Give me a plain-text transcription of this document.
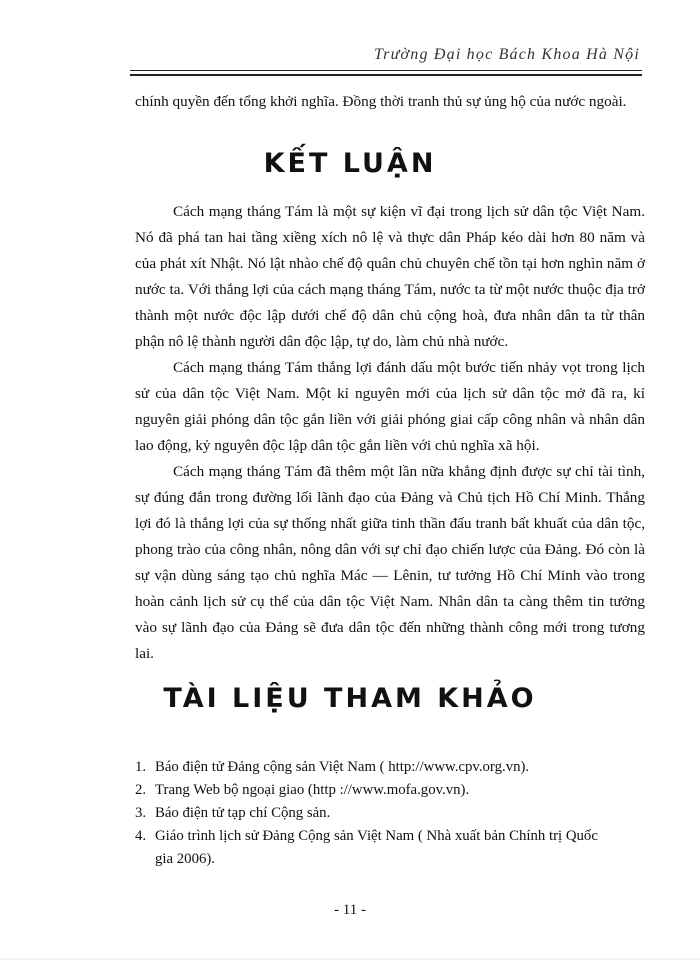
Trường Đại học Bách Khoa Hà Nội

chính quyền đến tổng khởi nghĩa. Đồng thời tranh thủ sự ủng hộ của nước ngoài.

KẾT LUẬN

Cách mạng tháng Tám là một sự kiện vĩ đại trong lịch sử dân tộc Việt Nam. Nó đã phá tan hai tầng xiềng xích nô lệ và thực dân Pháp kéo dài hơn 80 năm và của phát xít Nhật. Nó lật nhào chế độ quân chủ chuyên chế tồn tại hơn nghìn năm ở nước ta. Với thắng lợi của cách mạng tháng Tám, nước ta từ một nước thuộc địa trở thành một nước độc lập dưới chế độ dân chủ cộng hoà, đưa nhân dân ta từ thân phận nô lệ thành người dân độc lập, tự do, làm chủ nhà nước.

Cách mạng tháng Tám thắng lợi đánh dấu một bước tiến nhảy vọt trong lịch sử của dân tộc Việt Nam. Một kỉ nguyên mới của lịch sử dân tộc mở đã ra, kỉ nguyên giải phóng dân tộc gắn liền với giải phóng giai cấp công nhân và nhân dân lao động, kỷ nguyên độc lập dân tộc gắn liền với chủ nghĩa xã hội.

Cách mạng tháng Tám đã thêm một lần nữa khẳng định được sự chỉ tài tình, sự đúng đắn trong đường lối lãnh đạo của Đảng và Chủ tịch Hồ Chí Minh. Thắng lợi đó là thắng lợi của sự thống nhất giữa tinh thần đấu tranh bất khuất của dân tộc, phong trào của công nhân, nông dân với sự chỉ đạo chiến lược của Đảng. Đó còn là sự vận dùng sáng tạo chủ nghĩa Mác — Lênin, tư tưởng Hồ Chí Minh vào trong hoàn cảnh lịch sử cụ thể của dân tộc Việt Nam. Nhân dân ta càng thêm tin tưởng vào sự lãnh đạo của Đảng sẽ đưa dân tộc đến những thành công mới trong tương lai.

TÀI LIỆU THAM KHẢO
1. Báo điện tử Đảng cộng sản Việt Nam ( http://www.cpv.org.vn).
2. Trang Web bộ ngoại giao (http ://www.mofa.gov.vn).
3. Báo điện tử tạp chí Cộng sản.
4. Giáo trình lịch sử Đảng Cộng sản Việt Nam ( Nhà xuất bản Chính trị Quốc gia 2006).
- 11 -
